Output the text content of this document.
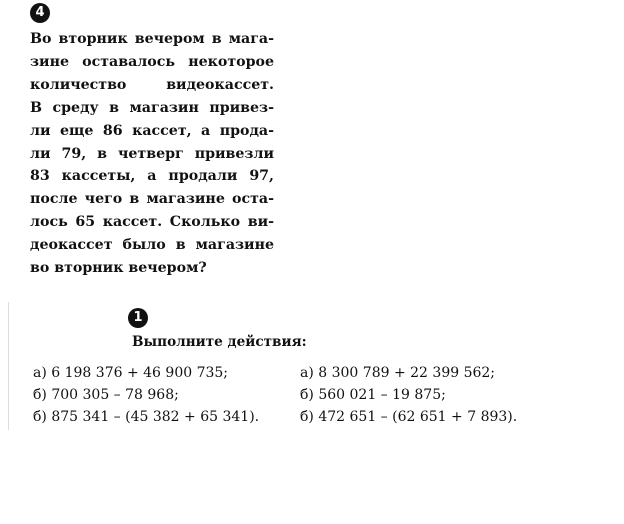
4
Во вторник вечером в мага-
зине оставалось некоторое
количество видеокассет.
В среду в магазин привез-
ли еще 86 кассет, а прода-
ли 79, в четверг привезли
83 кассеты, а продали 97,
после чего в магазине оста-
лось 65 кассет. Сколько ви-
деокассет было в магазине
во вторник вечером?
1
Выполните действия:
а) 6 198 376 + 46 900 735;
б) 700 305 – 78 968;
б) 875 341 – (45 382 + 65 341).
а) 8 300 789 + 22 399 562;
б) 560 021 – 19 875;
б) 472 651 – (62 651 + 7 893).
